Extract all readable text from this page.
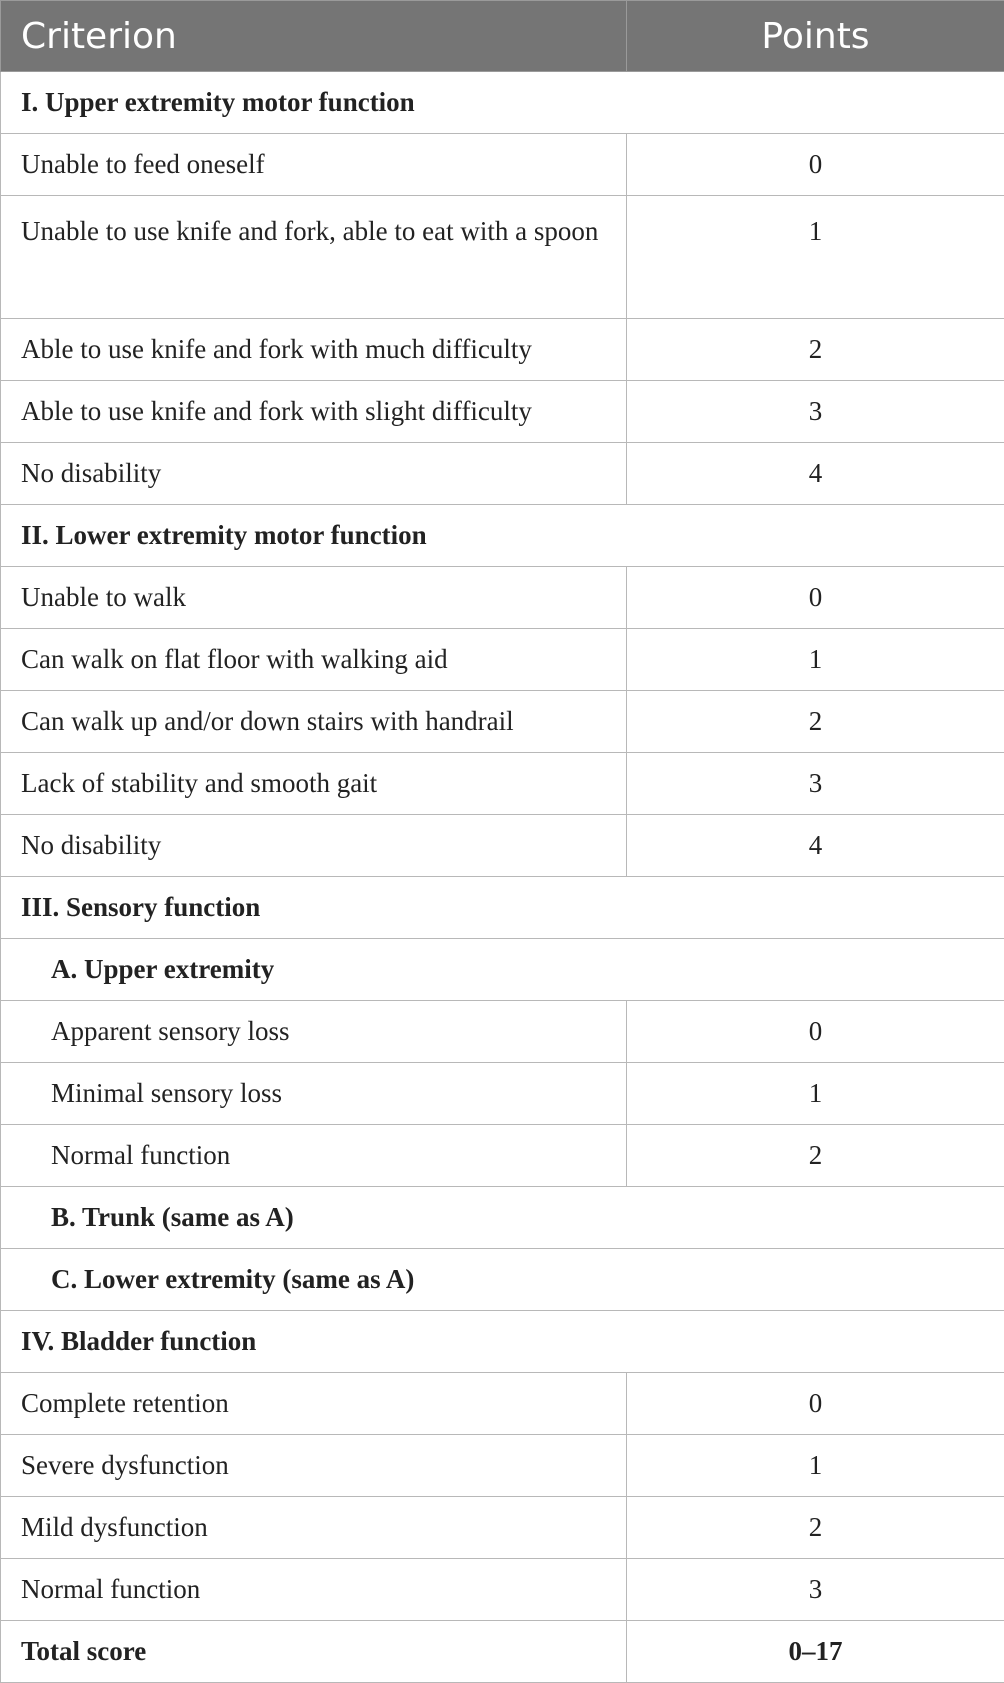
Criterion	Points
I. Upper extremity motor function	
Unable to feed oneself	0
Unable to use knife and fork, able to eat with a spoon	1
Able to use knife and fork with much difficulty	2
Able to use knife and fork with slight difficulty	3
No disability	4
II. Lower extremity motor function	
Unable to walk	0
Can walk on flat floor with walking aid	1
Can walk up and/or down stairs with handrail	2
Lack of stability and smooth gait	3
No disability	4
III. Sensory function	
A. Upper extremity	
Apparent sensory loss	0
Minimal sensory loss	1
Normal function	2
B. Trunk (same as A)	
C. Lower extremity (same as A)	
IV. Bladder function	
Complete retention	0
Severe dysfunction	1
Mild dysfunction	2
Normal function	3
Total score	0–17
